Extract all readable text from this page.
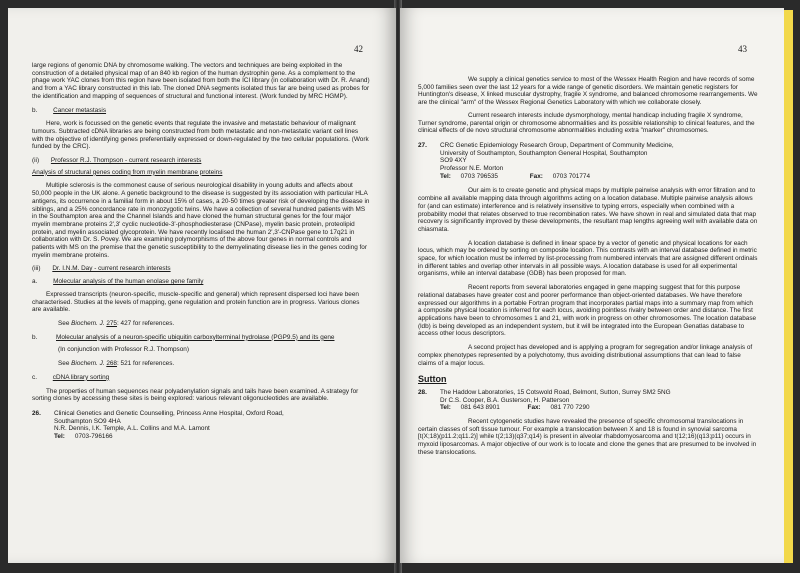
42

large regions of genomic DNA by chromosome walking. The vectors and techniques are being exploited in the construction of a detailed physical map of an 840 kb region of the human dystrophin gene. As a complement to the phage work YAC clones from this region have been isolated from both the ICI library (in collaboration with Dr. R. Anand) and from a YAC library constructed in this lab. The cloned DNA segments isolated thus far are being used as probes for the identification and mapping of sequences of structural and functional interest. (Work funded by MRC HGMP).

b. Cancer metastasis

Here, work is focussed on the genetic events that regulate the invasive and metastatic behaviour of malignant tumours. Subtracted cDNA libraries are being constructed from both metastatic and non-metastatic variant cell lines with the objective of identifying genes preferentially expressed or down-regulated by the two cellular populations. (Work funded by the CRC).

(ii) Professor R.J. Thompson - current research interests

Analysis of structural genes coding from myelin membrane proteins

Multiple sclerosis is the commonest cause of serious neurological disability in young adults and affects about 50,000 people in the UK alone. A genetic background to the disease is suggested by its association with particular HLA antigens, its occurrence in a familial form in about 15% of cases, a 20-50 times greater risk of developing the disease in siblings, and a 25% concordance rate in monozygotic twins. We have a collection of several hundred patients with MS in the Southampton area and the Channel Islands and have cloned the human structural genes for the four major myelin membrane proteins 2',3' cyclic nucleotide-3'-phosphodiesterase (CNPase), myelin basic protein, proteolipid protein, and myelin associated glycoprotein. We have recently localised the human 2',3'-CNPase gene to 17q21 in collaboration with Dr. S. Povey. We are examining polymorphisms of the above four genes in normal controls and patients with MS on the premise that the genetic susceptibility to the demyelinating disease lies in the genes coding for myelin membrane proteins.

(iii) Dr. I.N.M. Day - current research interests

a. Molecular analysis of the human enolase gene family

Expressed transcripts (neuron-specific, muscle-specific and general) which represent dispersed loci have been characterised. Studies at the levels of mapping, gene regulation and protein function are in progress. Various clones are available.

See Biochem. J. 275: 427 for references.

b.	Molecular analysis of a neuron-specific ubiquitin carboxylterminal hydrolase (PGP9.5) and its gene

(In conjunction with Professor R.J. Thompson)

See Biochem. J. 268: 521 for references.

c. cDNA library sorting

The properties of human sequences near polyadenylation signals and tails have been examined. A strategy for sorting clones by accessing these sites is being explored: various relevant oligonucleotides are available.

26.	Clinical Genetics and Genetic Counselling, Princess Anne Hospital, Oxford Road,

Southampton SO9 4HA

N.R. Dennis, I.K. Temple, A.L. Collins and M.A. Lamont

Tel: 0703-796166

43

We supply a clinical genetics service to most of the Wessex Health Region and have records of some 5,000 families seen over the last 12 years for a wide range of genetic disorders. We maintain genetic registers for Huntington's disease, X linked muscular dystrophy, fragile X syndrome, and balanced chromosome rearrangements. We are the clinical "arm" of the Wessex Regional Genetics Laboratory with which we collaborate closely.

Current research interests include dysmorphology, mental handicap including fragile X syndrome, Turner syndrome, parental origin or chromosome abnormalities and its possible relationship to clinical features, and the clinical effects of de novo structural chromosome abnormalities including extra "marker" chromosomes.

27.	CRC Genetic Epidemiology Research Group, Department of Community Medicine,

University of Southampton, Southampton General Hospital, Southampton

SO9 4XY

Professor N.E. Morton

Tel: 0703 796535	Fax: 0703 701774

Our aim is to create genetic and physical maps by multiple pairwise analysis with error filtration and to combine all available mapping data through algorithms acting on a location database. Multiple pairwise analysis allows for (and can estimate) interference and is relatively insensitive to typing errors, especially when combined with a probability model that relates observed to true recombination rates. We have shown in real and simulated data that map recovery is significantly improved by these developments, the resultant map lengths agreeing well with available data on chiasmata.

A location database is defined in linear space by a vector of genetic and physical locations for each locus, which may be ordered by sorting on composite location. This contrasts with an interval database defined in metric space, for which location must be inferred by list-processing from numbered intervals that are assigned different ordinals in different tables and overlap other intervals in all possible ways. A location database is used for all experimental organisms, while an interval database (GDB) has been proposed for man.

Recent reports from several laboratories engaged in gene mapping suggest that for this purpose relational databases have greater cost and poorer performance than object-oriented databases. We have therefore expressed our algorithms in a portable Fortran program that incorporates partial maps into a summary map from which a composite physical location is inferred for each locus, avoiding pointless rivalry between order and distance. The first applications have been to chromosomes 1 and 21, with work in progress on other chromosomes. The location database (ldb) is being developed as an independent system, but it will be integrated into the European Genatlas database to access other locus descriptors.

A second project has developed and is applying a program for segregation and/or linkage analysis of complex phenotypes represented by a polychotomy, thus avoiding distributional assumptions that can lead to false claims of a major locus.

Sutton

28.	The Haddow Laboratories, 15 Cotswold Road, Belmont, Sutton, Surrey SM2 5NG

Dr C.S. Cooper, B.A. Gusterson, H. Patterson

Tel: 081 643 8901	Fax: 081 770 7290

Recent cytogenetic studies have revealed the presence of specific chromosomal translocations in certain classes of soft tissue tumour. For example a translocation between X and 18 is found in synovial sarcoma [t(X;18)(p11.2;q11.2)] while t(2;13)(q37;q14) is present in alveolar rhabdomyosarcoma and t(12;16)(q13;p11) occurs in myxoid liposarcomas. A major objective of our work is to locate and clone the genes that are presumed to be involved in these translocations.
